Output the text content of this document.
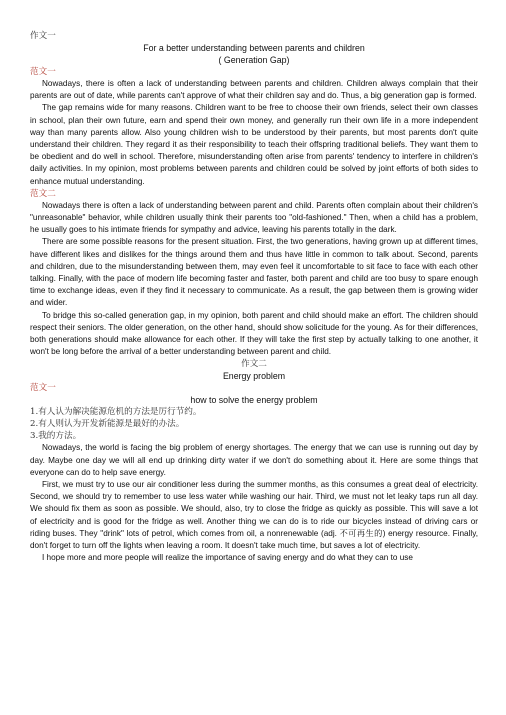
作文一
For a better understanding between parents and children
( Generation Gap)
范文一

Nowadays, there is often a lack of understanding between parents and children. Children always complain that their parents are out of date, while parents can't approve of what their children say and do. Thus, a big generation gap is formed.

The gap remains wide for many reasons. Children want to be free to choose their own friends, select their own classes in school, plan their own future, earn and spend their own money, and generally run their own life in a more independent way than many parents allow. Also young children wish to be understood by their parents, but most parents don't quite understand their children. They regard it as their responsibility to teach their offspring traditional beliefs. They want them to be obedient and do well in school. Therefore, misunderstanding often arise from parents' tendency to interfere in children's daily activities. In my opinion, most problems between parents and children could be solved by joint efforts of both sides to enhance mutual understanding.

范文二

Nowadays there is often a lack of understanding between parent and child. Parents often complain about their children's "unreasonable" behavior, while children usually think their parents too "old-fashioned." Then, when a child has a problem, he usually goes to his intimate friends for sympathy and advice, leaving his parents totally in the dark.

There are some possible reasons for the present situation. First, the two generations, having grown up at different times, have different likes and dislikes for the things around them and thus have little in common to talk about. Second, parents and children, due to the misunderstanding between them, may even feel it uncomfortable to sit face to face with each other talking. Finally, with the pace of modern life becoming faster and faster, both parent and child are too busy to spare enough time to exchange ideas, even if they find it necessary to communicate. As a result, the gap between them is growing wider and wider.

To bridge this so-called generation gap, in my opinion, both parent and child should make an effort. The children should respect their seniors. The older generation, on the other hand, should show solicitude for the young. As for their differences, both generations should make allowance for each other. If they will take the first step by actually talking to one another, it won't be long before the arrival of a better understanding between parent and child.

作文二
Energy problem
范文一
how to solve the energy problem
1.有人认为解决能源危机的方法是厉行节约。
2.有人则认为开发新能源是最好的办法。
3.我的方法。

Nowadays, the world is facing the big problem of energy shortages. The energy that we can use is running out day by day. Maybe one day we will all end up drinking dirty water if we don't do something about it. Here are some things that everyone can do to help save energy.

First, we must try to use our air conditioner less during the summer months, as this consumes a great deal of electricity. Second, we should try to remember to use less water while washing our hair. Third, we must not let leaky taps run all day. We should fix them as soon as possible. We should, also, try to close the fridge as quickly as possible. This will save a lot of electricity and is good for the fridge as well. Another thing we can do is to ride our bicycles instead of driving cars or riding buses. They "drink" lots of petrol, which comes from oil, a nonrenewable (adj. 不可再生的) energy resource. Finally, don't forget to turn off the lights when leaving a room. It doesn't take much time, but saves a lot of electricity.

I hope more and more people will realize the importance of saving energy and do what they can to use
